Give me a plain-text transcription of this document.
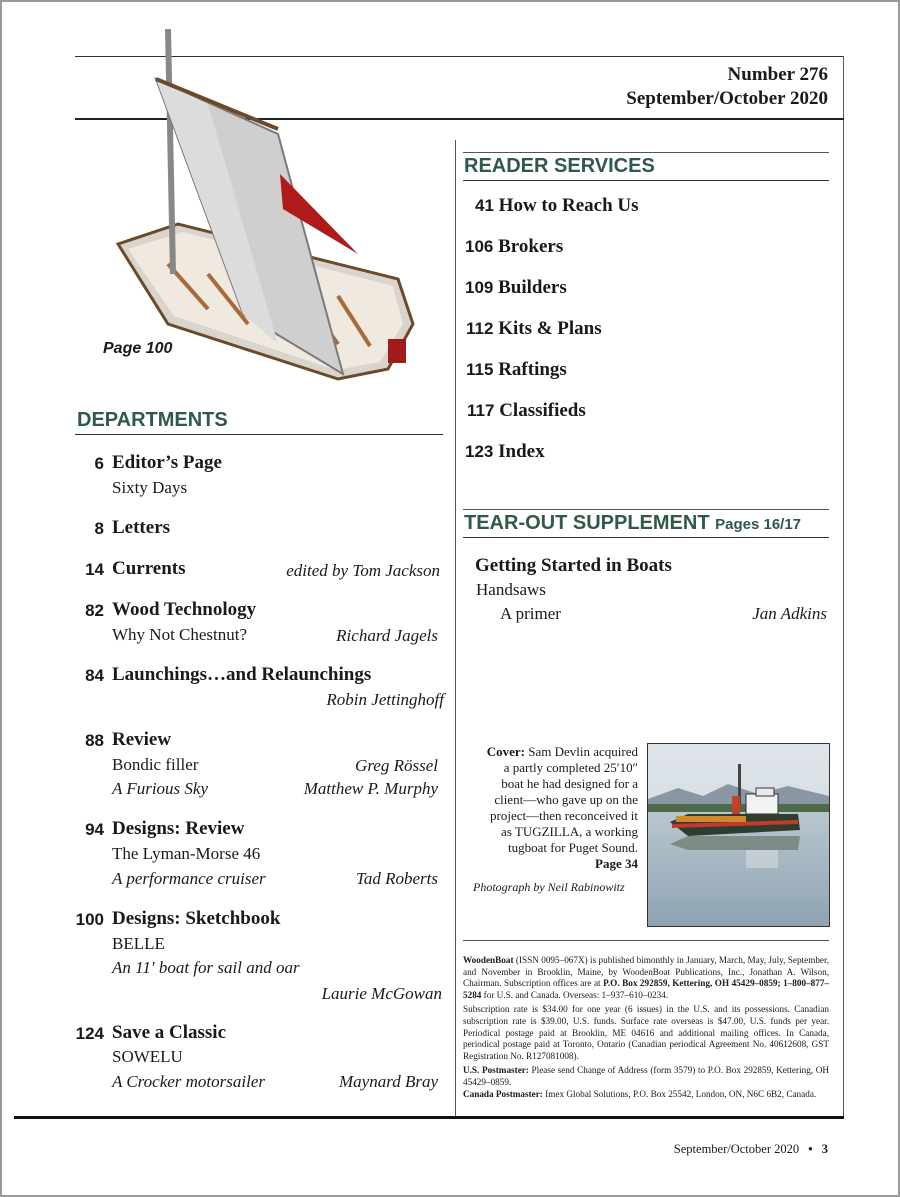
Number 276
September/October 2020
Page 100
DEPARTMENTS
6 Editor’s Page
Sixty Days
8 Letters
14 Currents	edited by Tom Jackson
82 Wood Technology
Why Not Chestnut?	Richard Jagels
84 Launchings…and Relaunchings
Robin Jettinghoff
88 Review
Bondic filler	Greg Rössel
A Furious Sky	Matthew P. Murphy
94 Designs: Review
The Lyman-Morse 46
A performance cruiser	Tad Roberts
100 Designs: Sketchbook
BELLE
An 11′ boat for sail and oar
Laurie McGowan
124 Save a Classic
SOWELU
A Crocker motorsailer	Maynard Bray
READER SERVICES
41 How to Reach Us
106 Brokers
109 Builders
112 Kits & Plans
115 Raftings
117 Classifieds
123 Index
TEAR-OUT SUPPLEMENT Pages 16/17
Getting Started in Boats
Handsaws
A primer	Jan Adkins
Cover: Sam Devlin acquired
a partly completed 25′10″
boat he had designed for a
client—who gave up on the
project—then reconceived it
as TUGZILLA, a working
tugboat for Puget Sound.
Page 34
Photograph by Neil Rabinowitz
WoodenBoat (ISSN 0095–067X) is published bimonthly in January, March, May, July, September, and November in Brooklin, Maine, by WoodenBoat Publications, Inc., Jonathan A. Wilson, Chairman. Subscription offices are at P.O. Box 292859, Kettering, OH 45429–0859; 1–800–877–5284 for U.S. and Canada. Overseas: 1–937–610–0234.
Subscription rate is $34.00 for one year (6 issues) in the U.S. and its possessions. Canadian subscription rate is $39.00, U.S. funds. Surface rate overseas is $47.00, U.S. funds per year. Periodical postage paid at Brooklin, ME 04616 and additional mailing offices. In Canada, periodical postage paid at Toronto, Ontario (Canadian periodical Agreement No. 40612608, GST Registration No. R127081008).
U.S. Postmaster: Please send Change of Address (form 3579) to P.O. Box 292859, Kettering, OH 45429–0859.
Canada Postmaster: Imex Global Solutions, P.O. Box 25542, London, ON, N6C 6B2, Canada.
September/October 2020 • 3
